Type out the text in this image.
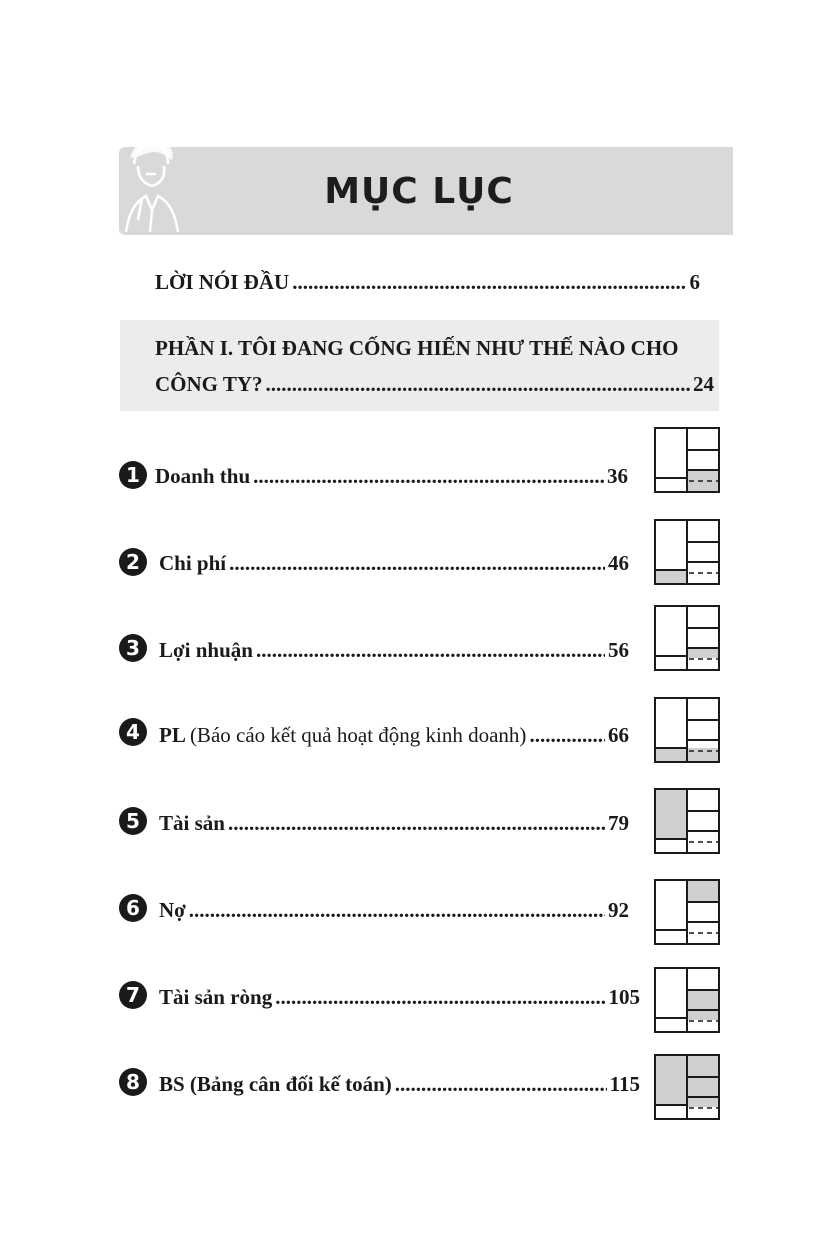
MỤC LỤC
LỜI NÓI ĐẦU .....	6
PHẦN I. TÔI ĐANG CỐNG HIẾN NHƯ THẾ NÀO CHO
CÔNG TY? .....	24
1 Doanh thu .....	36
2 Chi phí .....	46
3 Lợi nhuận .....	56
4 PL (Báo cáo kết quả hoạt động kinh doanh) .....	66
5 Tài sản .....	79
6 Nợ .....	92
7 Tài sản ròng .....	105
8 BS (Bảng cân đối kế toán) .....	115
